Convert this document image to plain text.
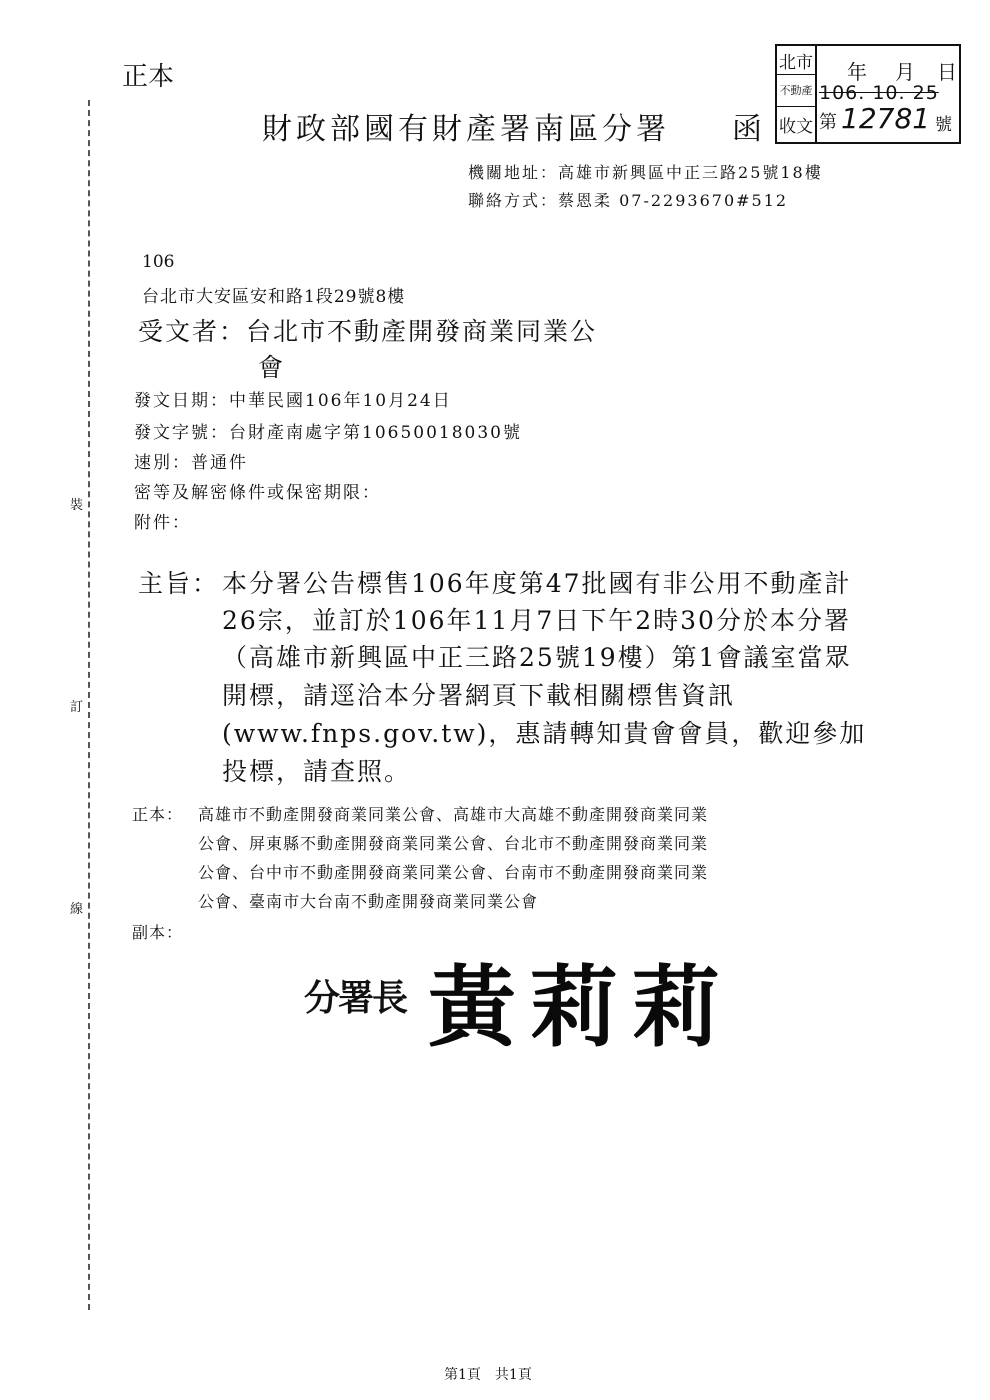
正本
裝
訂
線
財政部國有財產署南區分署 函
北市
不動產
收文
年 月 日
106. 10. 25
第 12781 號
機關地址：高雄市新興區中正三路25號18樓
聯絡方式：蔡恩柔 07-2293670#512
106
台北市大安區安和路1段29號8樓
受文者：台北市不動產開發商業同業公
會
發文日期：中華民國106年10月24日
發文字號：台財產南處字第10650018030號
速別：普通件
密等及解密條件或保密期限：
附件：
主旨： 本分署公告標售106年度第47批國有非公用不動產計
26宗，並訂於106年11月7日下午2時30分於本分署
（高雄市新興區中正三路25號19樓）第1會議室當眾
開標，請逕洽本分署網頁下載相關標售資訊
(www.fnps.gov.tw)，惠請轉知貴會會員，歡迎參加
投標，請查照。
正本： 高雄市不動產開發商業同業公會、高雄市大高雄不動產開發商業同業
公會、屏東縣不動產開發商業同業公會、台北市不動產開發商業同業
公會、台中市不動產開發商業同業公會、台南市不動產開發商業同業
公會、臺南市大台南不動產開發商業同業公會
副本：
分署長 黃莉莉
第1頁　共1頁
